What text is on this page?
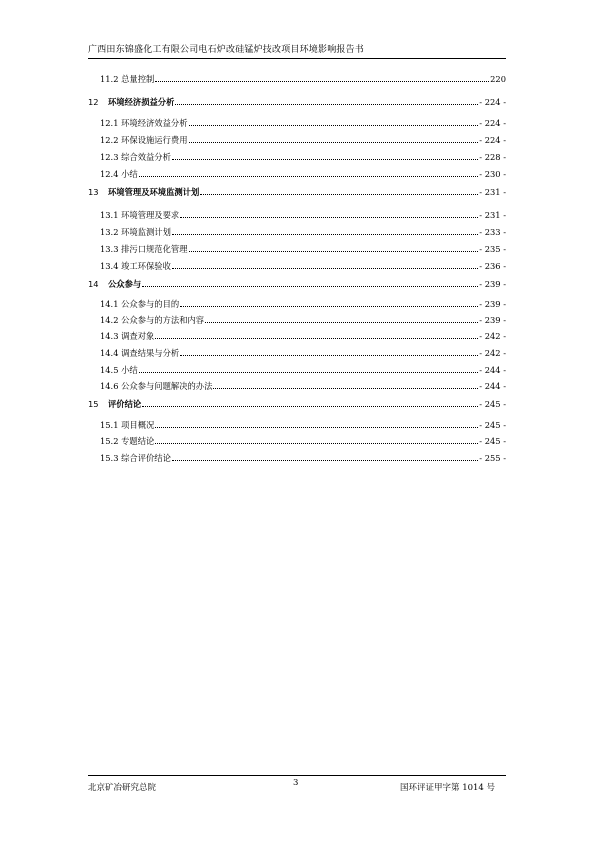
广西田东锦盛化工有限公司电石炉改硅锰炉技改项目环境影响报告书
11.2 总量控制	220
12 环境经济损益分析	- 224 -
12.1 环境经济效益分析	- 224 -
12.2 环保设施运行费用	- 224 -
12.3 综合效益分析	- 228 -
12.4 小结	- 230 -
13 环境管理及环境监测计划	- 231 -
13.1 环境管理及要求	- 231 -
13.2 环境监测计划	- 233 -
13.3 排污口规范化管理	- 235 -
13.4 竣工环保验收	- 236 -
14 公众参与	- 239 -
14.1 公众参与的目的	- 239 -
14.2 公众参与的方法和内容	- 239 -
14.3 调查对象	- 242 -
14.4 调查结果与分析	- 242 -
14.5 小结	- 244 -
14.6 公众参与问题解决的办法	- 244 -
15 评价结论	- 245 -
15.1 项目概况	- 245 -
15.2 专题结论	- 245 -
15.3 综合评价结论	- 255 -
北京矿冶研究总院	3	国环评证甲字第 1014 号
